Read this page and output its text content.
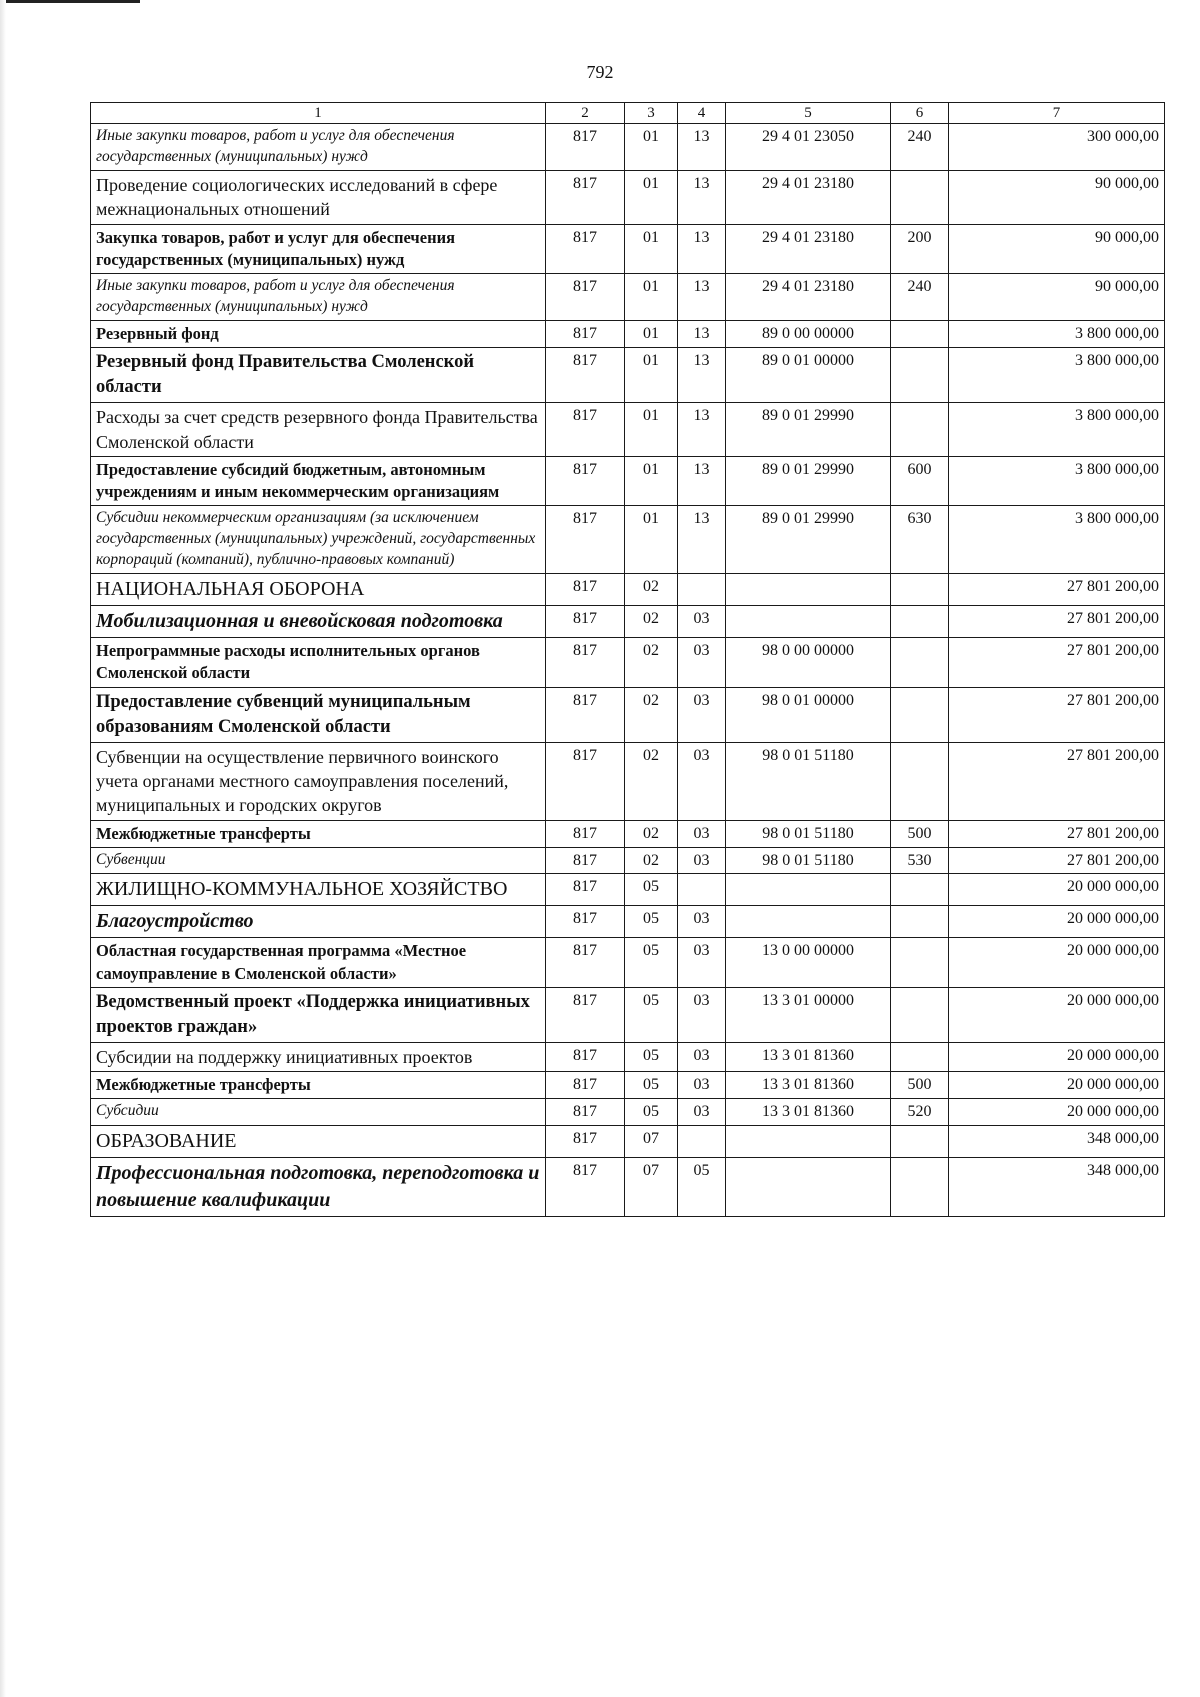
792
1	2	3	4	5	6	7
Иные закупки товаров, работ и услуг для обеспечения государственных (муниципальных) нужд	817	01	13	29 4 01 23050	240	300 000,00
Проведение социологических исследований в сфере межнациональных отношений	817	01	13	29 4 01 23180		90 000,00
Закупка товаров, работ и услуг для обеспечения государственных (муниципальных) нужд	817	01	13	29 4 01 23180	200	90 000,00
Иные закупки товаров, работ и услуг для обеспечения государственных (муниципальных) нужд	817	01	13	29 4 01 23180	240	90 000,00
Резервный фонд	817	01	13	89 0 00 00000		3 800 000,00
Резервный фонд Правительства Смоленской области	817	01	13	89 0 01 00000		3 800 000,00
Расходы за счет средств резервного фонда Правительства Смоленской области	817	01	13	89 0 01 29990		3 800 000,00
Предоставление субсидий бюджетным, автономным учреждениям и иным некоммерческим организациям	817	01	13	89 0 01 29990	600	3 800 000,00
Субсидии некоммерческим организациям (за исключением государственных (муниципальных) учреждений, государственных корпораций (компаний), публично-правовых компаний)	817	01	13	89 0 01 29990	630	3 800 000,00
НАЦИОНАЛЬНАЯ ОБОРОНА	817	02				27 801 200,00
Мобилизационная и вневойсковая подготовка	817	02	03			27 801 200,00
Непрограммные расходы исполнительных органов Смоленской области	817	02	03	98 0 00 00000		27 801 200,00
Предоставление субвенций муниципальным образованиям Смоленской области	817	02	03	98 0 01 00000		27 801 200,00
Субвенции на осуществление первичного воинского учета органами местного самоуправления поселений, муниципальных и городских округов	817	02	03	98 0 01 51180		27 801 200,00
Межбюджетные трансферты	817	02	03	98 0 01 51180	500	27 801 200,00
Субвенции	817	02	03	98 0 01 51180	530	27 801 200,00
ЖИЛИЩНО-КОММУНАЛЬНОЕ ХОЗЯЙСТВО	817	05				20 000 000,00
Благоустройство	817	05	03			20 000 000,00
Областная государственная программа «Местное самоуправление в Смоленской области»	817	05	03	13 0 00 00000		20 000 000,00
Ведомственный проект «Поддержка инициативных проектов граждан»	817	05	03	13 3 01 00000		20 000 000,00
Субсидии на поддержку инициативных проектов	817	05	03	13 3 01 81360		20 000 000,00
Межбюджетные трансферты	817	05	03	13 3 01 81360	500	20 000 000,00
Субсидии	817	05	03	13 3 01 81360	520	20 000 000,00
ОБРАЗОВАНИЕ	817	07				348 000,00
Профессиональная подготовка, переподготовка и повышение квалификации	817	07	05			348 000,00
